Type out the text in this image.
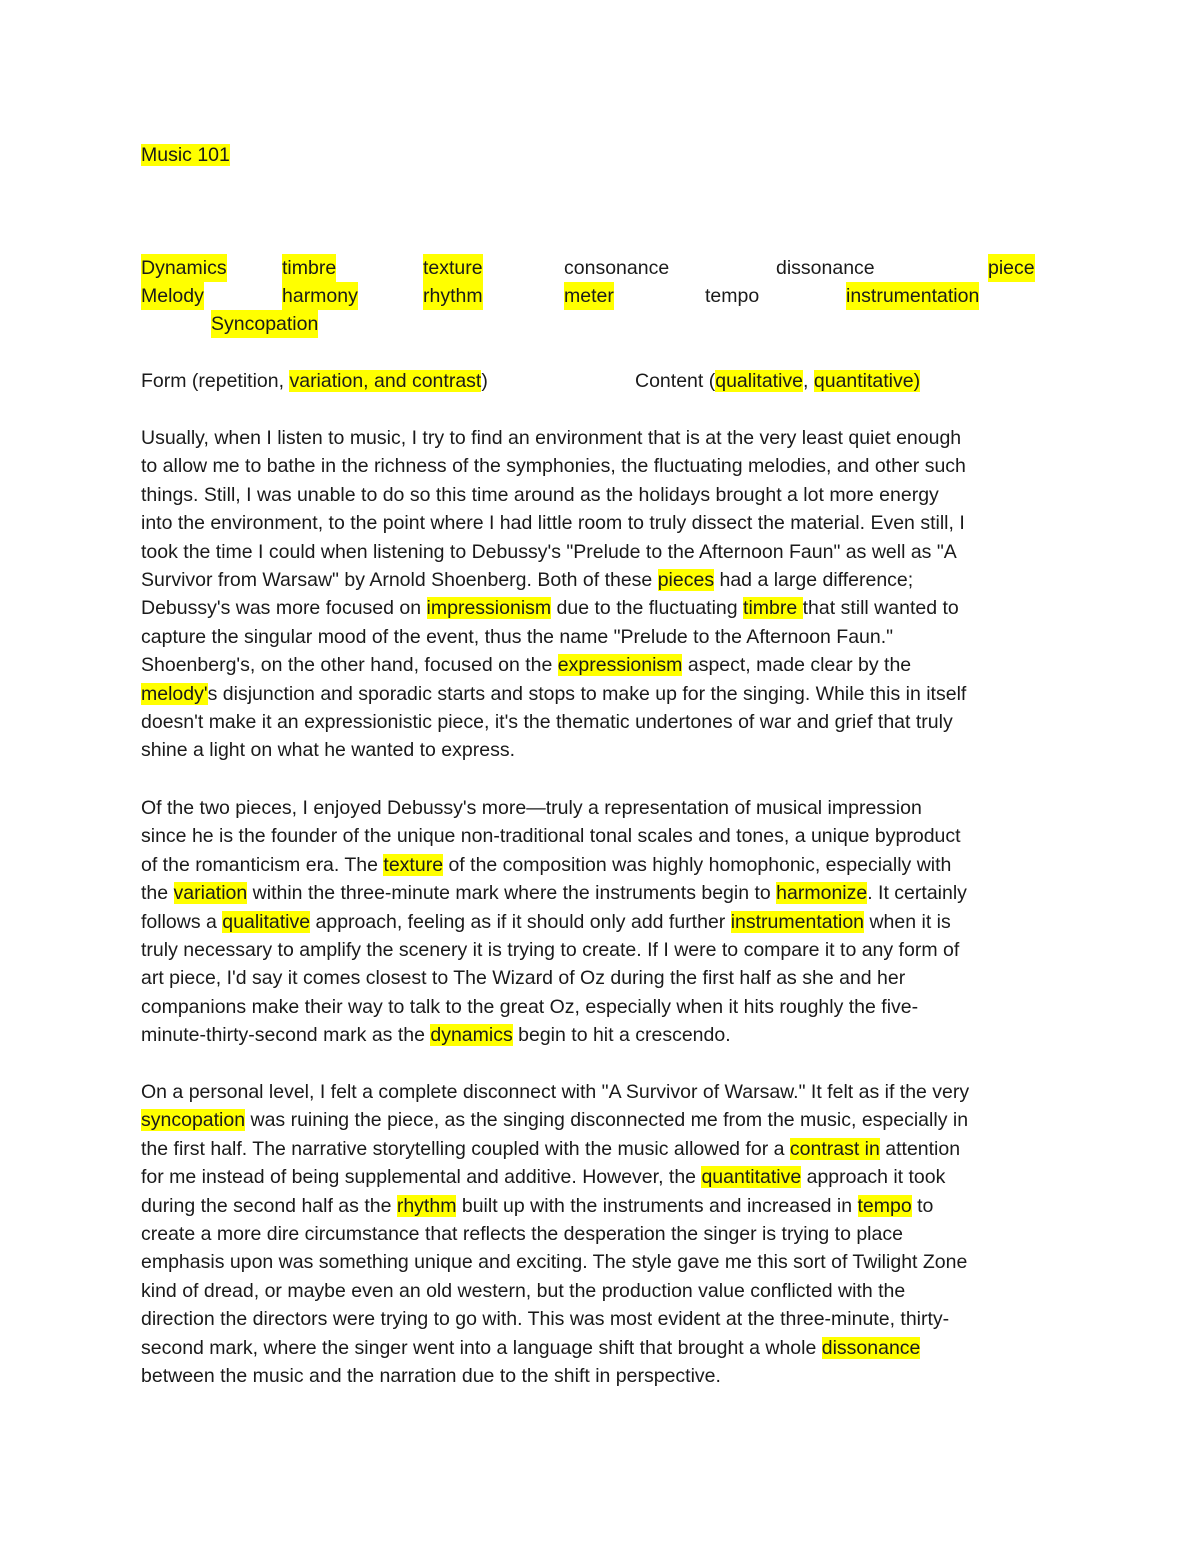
Music 101
Dynamics	timbre	texture	consonance	dissonance	piece
Melody	harmony	rhythm	meter	tempo	instrumentation
Syncopation
Form (repetition, variation, and contrast)	Content (qualitative, quantitative)
Usually, when I listen to music, I try to find an environment that is at the very least quiet enough
to allow me to bathe in the richness of the symphonies, the fluctuating melodies, and other such
things. Still, I was unable to do so this time around as the holidays brought a lot more energy
into the environment, to the point where I had little room to truly dissect the material. Even still, I
took the time I could when listening to Debussy's "Prelude to the Afternoon Faun" as well as "A
Survivor from Warsaw" by Arnold Shoenberg. Both of these pieces had a large difference;
Debussy's was more focused on impressionism due to the fluctuating timbre that still wanted to
capture the singular mood of the event, thus the name "Prelude to the Afternoon Faun."
Shoenberg's, on the other hand, focused on the expressionism aspect, made clear by the
melody's disjunction and sporadic starts and stops to make up for the singing. While this in itself
doesn't make it an expressionistic piece, it's the thematic undertones of war and grief that truly
shine a light on what he wanted to express.
Of the two pieces, I enjoyed Debussy's more—truly a representation of musical impression
since he is the founder of the unique non-traditional tonal scales and tones, a unique byproduct
of the romanticism era. The texture of the composition was highly homophonic, especially with
the variation within the three-minute mark where the instruments begin to harmonize. It certainly
follows a qualitative approach, feeling as if it should only add further instrumentation when it is
truly necessary to amplify the scenery it is trying to create. If I were to compare it to any form of
art piece, I'd say it comes closest to The Wizard of Oz during the first half as she and her
companions make their way to talk to the great Oz, especially when it hits roughly the five-
minute-thirty-second mark as the dynamics begin to hit a crescendo.
On a personal level, I felt a complete disconnect with "A Survivor of Warsaw." It felt as if the very
syncopation was ruining the piece, as the singing disconnected me from the music, especially in
the first half. The narrative storytelling coupled with the music allowed for a contrast in attention
for me instead of being supplemental and additive. However, the quantitative approach it took
during the second half as the rhythm built up with the instruments and increased in tempo to
create a more dire circumstance that reflects the desperation the singer is trying to place
emphasis upon was something unique and exciting. The style gave me this sort of Twilight Zone
kind of dread, or maybe even an old western, but the production value conflicted with the
direction the directors were trying to go with. This was most evident at the three-minute, thirty-
second mark, where the singer went into a language shift that brought a whole dissonance
between the music and the narration due to the shift in perspective.
